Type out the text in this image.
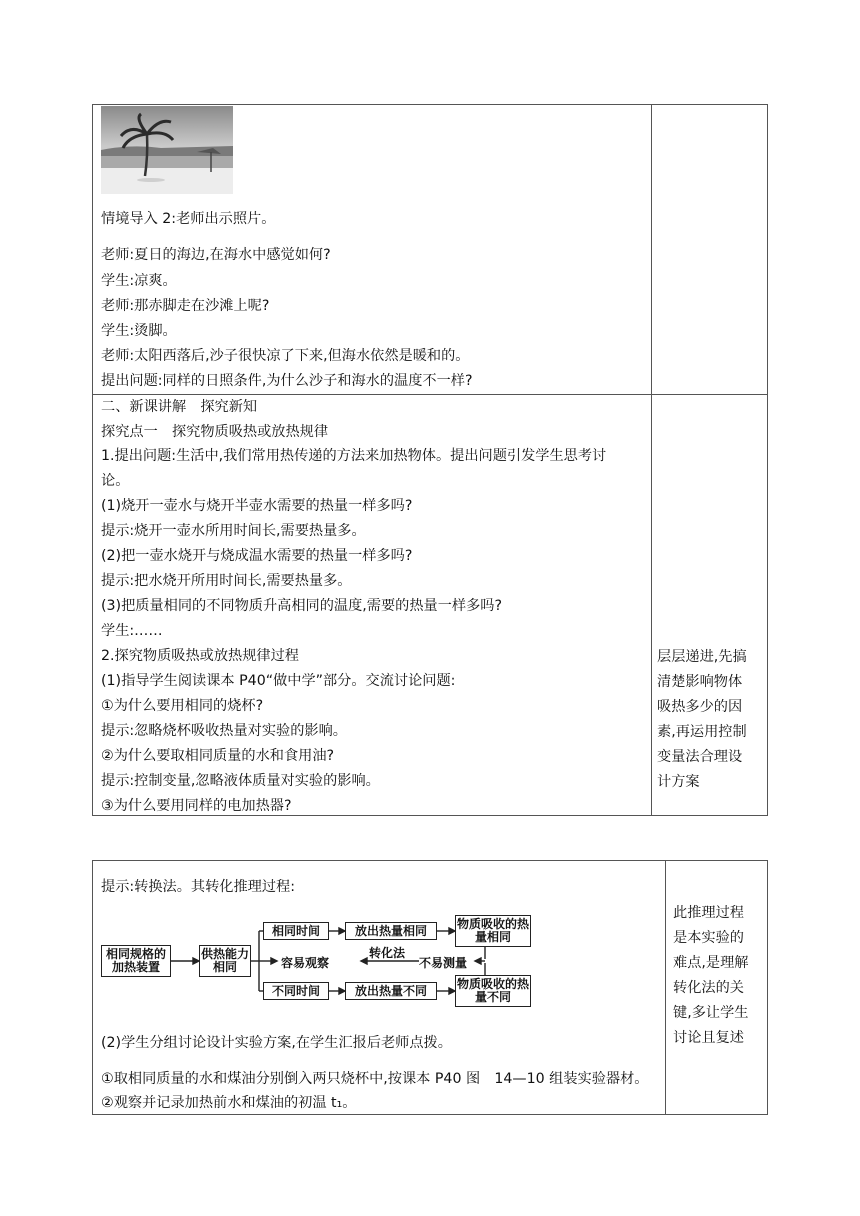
情境导入 2:老师出示照片。
老师:夏日的海边,在海水中感觉如何?
学生:凉爽。
老师:那赤脚走在沙滩上呢?
学生:烫脚。
老师:太阳西落后,沙子很快凉了下来,但海水依然是暖和的。
提出问题:同样的日照条件,为什么沙子和海水的温度不一样?
二、新课讲解　探究新知
探究点一　探究物质吸热或放热规律
1.提出问题:生活中,我们常用热传递的方法来加热物体。提出问题引发学生思考讨
论。
(1)烧开一壶水与烧开半壶水需要的热量一样多吗?
提示:烧开一壶水所用时间长,需要热量多。
(2)把一壶水烧开与烧成温水需要的热量一样多吗?
提示:把水烧开所用时间长,需要热量多。
(3)把质量相同的不同物质升高相同的温度,需要的热量一样多吗?
学生:……
2.探究物质吸热或放热规律过程
(1)指导学生阅读课本 P40“做中学”部分。交流讨论问题:
①为什么要用相同的烧杯?
提示:忽略烧杯吸收热量对实验的影响。
②为什么要取相同质量的水和食用油?
提示:控制变量,忽略液体质量对实验的影响。
③为什么要用同样的电加热器?
层层递进,先搞
清楚影响物体
吸热多少的因
素,再运用控制
变量法合理设
计方案
提示:转换法。其转化推理过程:
相同规格的加热装置
供热能力相同
相同时间
不同时间
放出热量相同
放出热量不同
物质吸收的热量相同
物质吸收的热量不同
容易观察
转化法
不易测量
(2)学生分组讨论设计实验方案,在学生汇报后老师点拨。
①取相同质量的水和煤油分别倒入两只烧杯中,按课本 P40 图　14—10 组装实验器材。
②观察并记录加热前水和煤油的初温 t₁。
此推理过程
是本实验的
难点,是理解
转化法的关
键,多让学生
讨论且复述
